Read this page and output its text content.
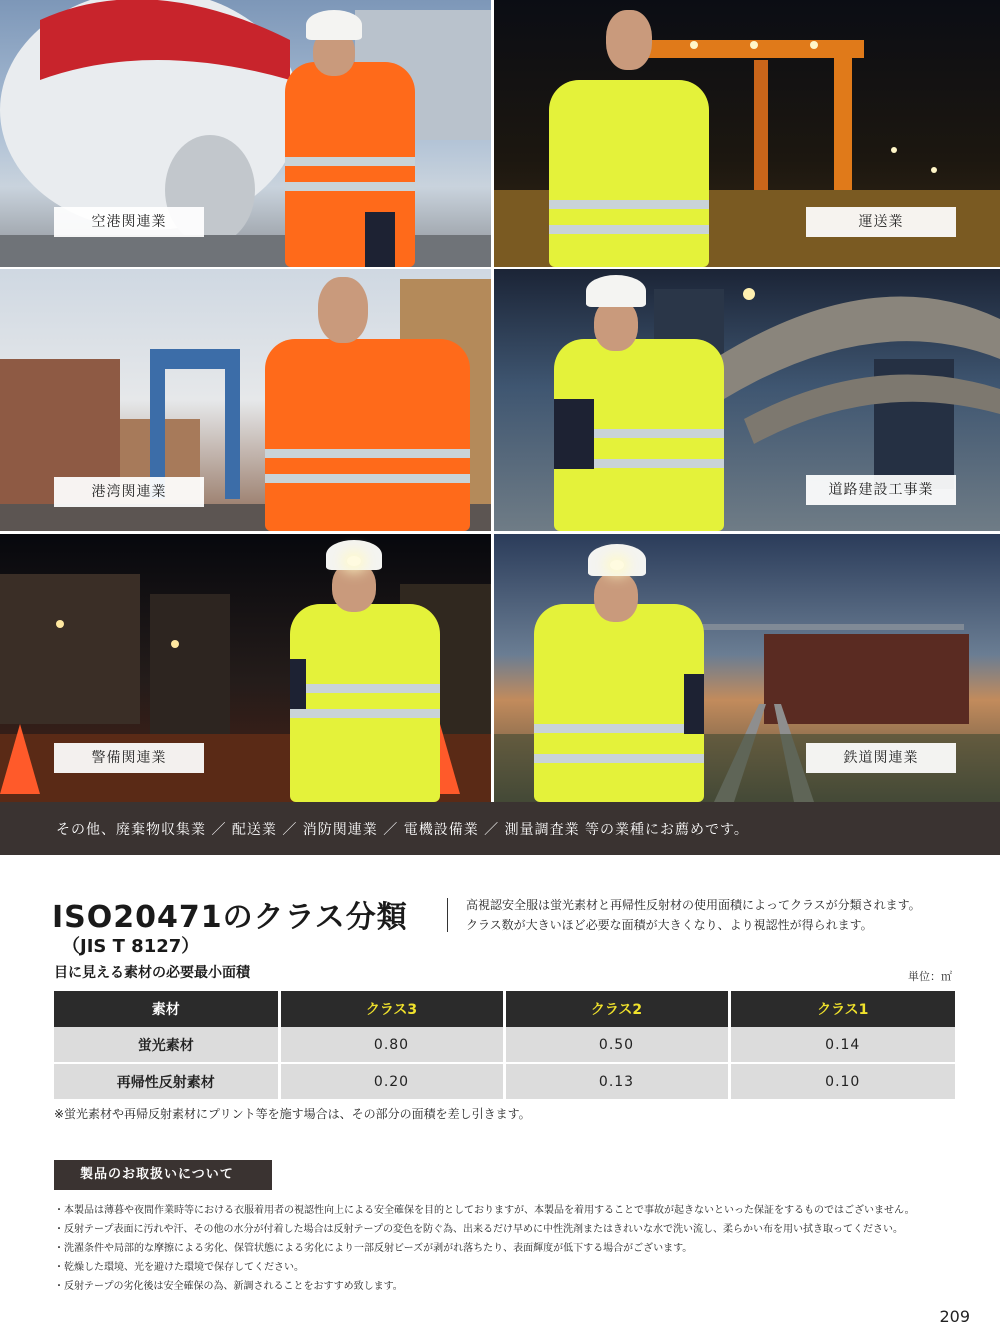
空港関連業	運送業
港湾関連業	道路建設工事業
警備関連業	鉄道関連業
その他、廃棄物収集業 ／ 配送業 ／ 消防関連業 ／ 電機設備業 ／ 測量調査業 等の業種にお薦めです。
ISO20471のクラス分類
（JIS T 8127）
高視認安全服は蛍光素材と再帰性反射材の使用面積によってクラスが分類されます。
クラス数が大きいほど必要な面積が大きくなり、より視認性が得られます。
目に見える素材の必要最小面積	単位：㎡
素材	クラス3	クラス2	クラス1
蛍光素材	0.80	0.50	0.14
再帰性反射素材	0.20	0.13	0.10
※蛍光素材や再帰反射素材にプリント等を施す場合は、その部分の面積を差し引きます。
製品のお取扱いについて
・本製品は薄暮や夜間作業時等における衣服着用者の視認性向上による安全確保を目的としておりますが、本製品を着用することで事故が起きないといった保証をするものではございません。
・反射テープ表面に汚れや汗、その他の水分が付着した場合は反射テープの変色を防ぐ為、出来るだけ早めに中性洗剤またはきれいな水で洗い流し、柔らかい布を用い拭き取ってください。
・洗濯条件や局部的な摩擦による劣化、保管状態による劣化により一部反射ビーズが剥がれ落ちたり、表面輝度が低下する場合がございます。
・乾燥した環境、光を避けた環境で保存してください。
・反射テープの劣化後は安全確保の為、新調されることをおすすめ致します。
209
